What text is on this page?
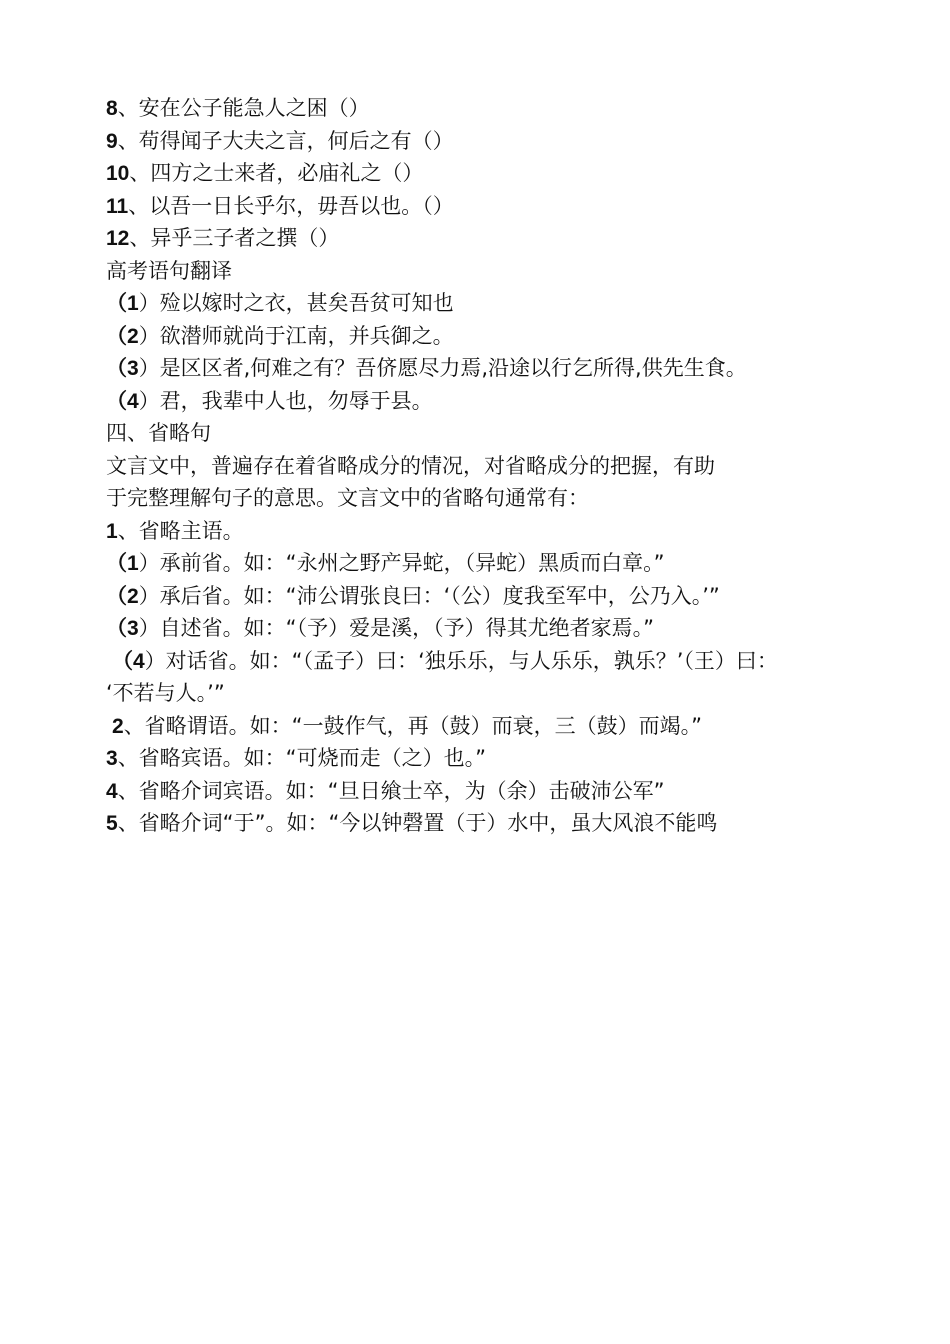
8、安在公子能急人之困（）
9、苟得闻子大夫之言，何后之有（）
10、四方之士来者，必庙礼之（）
11、以吾一日长乎尔，毋吾以也。（）
12、异乎三子者之撰（）
高考语句翻译
（1）殓以嫁时之衣，甚矣吾贫可知也
（2）欲潜师就尚于江南，并兵御之。
（3）是区区者,何难之有？吾侪愿尽力焉,沿途以行乞所得,供先生食。
（4）君，我辈中人也，勿辱于县。
四、省略句
文言文中，普遍存在着省略成分的情况，对省略成分的把握，有助
于完整理解句子的意思。文言文中的省略句通常有：
1、省略主语。
（1）承前省。如：“永州之野产异蛇，（异蛇）黑质而白章。”
（2）承后省。如：“沛公谓张良曰：‘（公）度我至军中，公乃入。’”
（3）自述省。如：“（予）爱是溪，（予）得其尤绝者家焉。”
（4）对话省。如：“（孟子）曰：‘独乐乐，与人乐乐，孰乐？’（王）曰：
‘不若与人。’”
2、省略谓语。如：“一鼓作气，再（鼓）而衰，三（鼓）而竭。”
3、省略宾语。如：“可烧而走（之）也。”
4、省略介词宾语。如：“旦日飨士卒，为（余）击破沛公军”
5、省略介词“于”。如：“今以钟磬置（于）水中，虽大风浪不能鸣
